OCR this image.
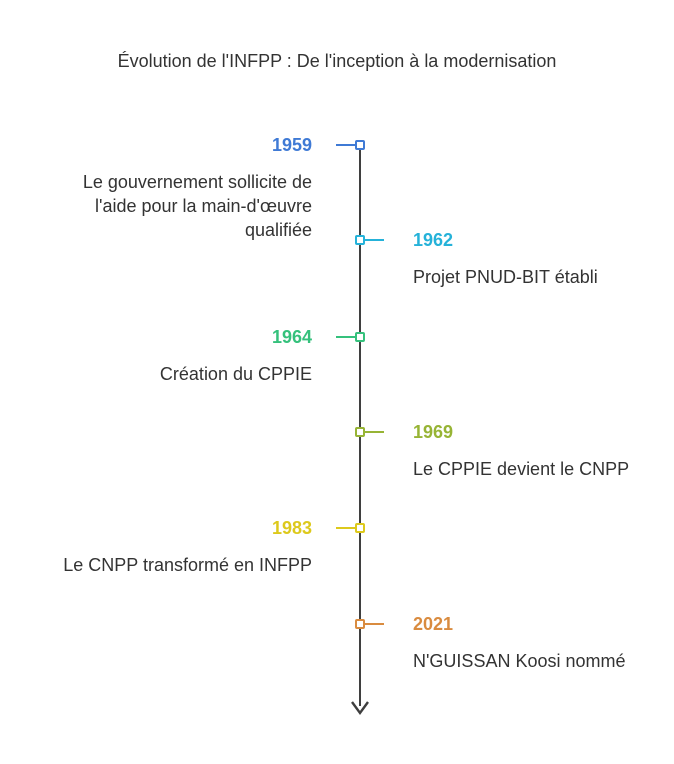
Évolution de l'INFPP : De l'inception à la modernisation
1959
Le gouvernement sollicite de l'aide pour la main-d'œuvre qualifiée	1962
Projet PNUD-BIT établi
1964
Création du CPPIE
1969
Le CPPIE devient le CNPP
1983
Le CNPP transformé en INFPP
2021
N'GUISSAN Koosi nommé
